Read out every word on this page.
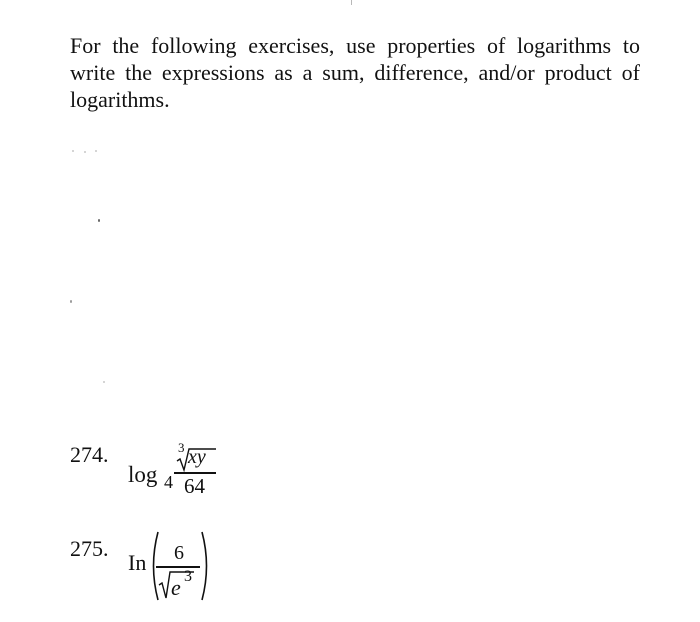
For the following exercises, use properties of logarithms to write the expressions as a sum, difference, and/or product of logarithms.

274.
log 4
3 xy
64
275.
In 6
e 3
